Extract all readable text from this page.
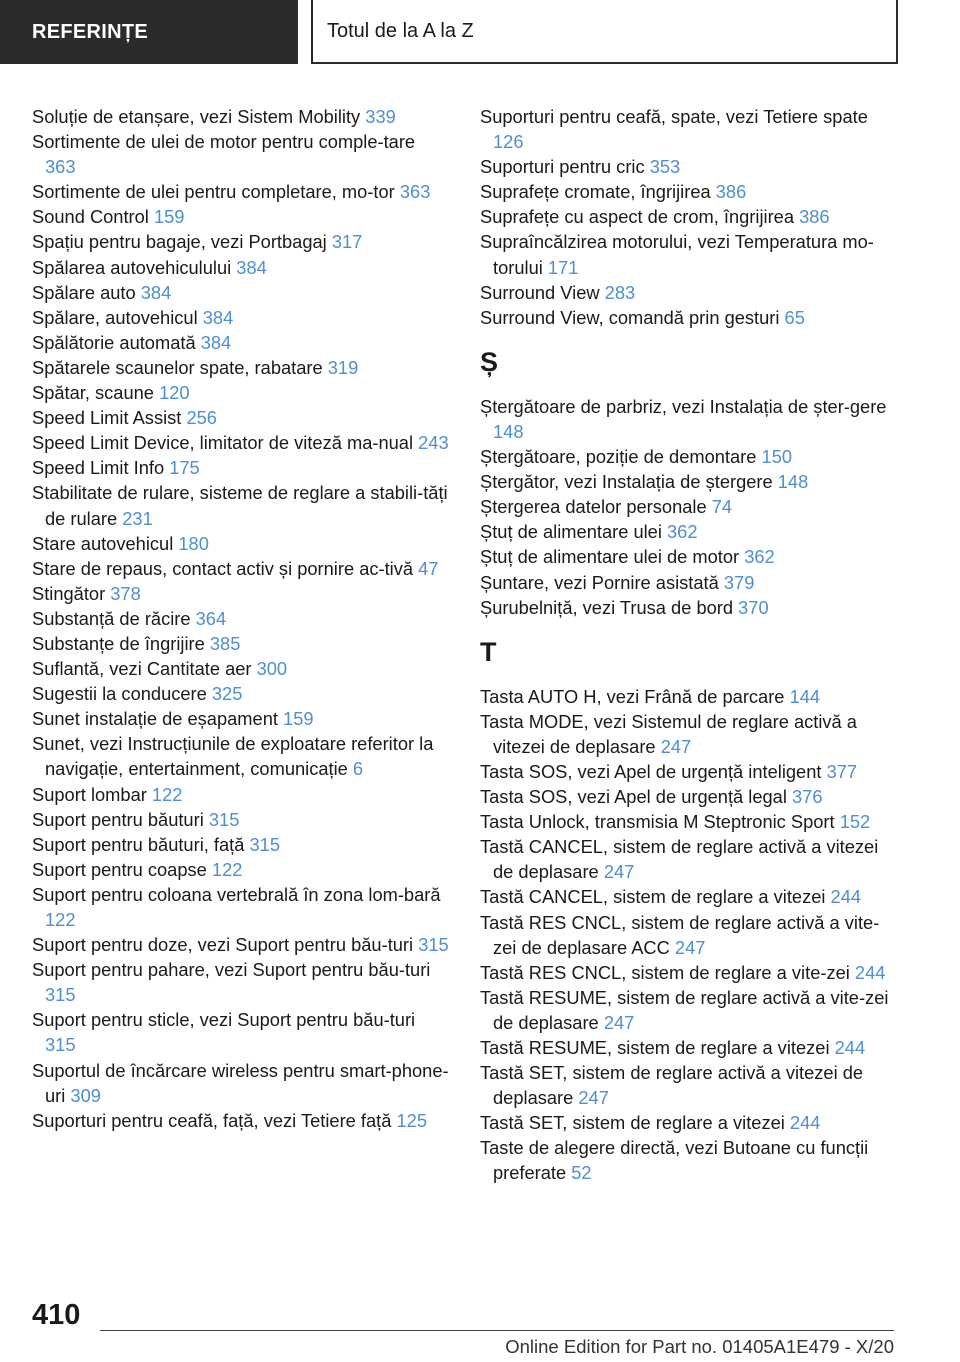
REFERINȚE	Totul de la A la Z
Soluție de etanșare, vezi Sistem Mobility 339
Sortimente de ulei de motor pentru comple-tare 363
Sortimente de ulei pentru completare, mo-tor 363
Sound Control 159
Spațiu pentru bagaje, vezi Portbagaj 317
Spălarea autovehiculului 384
Spălare auto 384
Spălare, autovehicul 384
Spălătorie automată 384
Spătarele scaunelor spate, rabatare 319
Spătar, scaune 120
Speed Limit Assist 256
Speed Limit Device, limitator de viteză ma-nual 243
Speed Limit Info 175
Stabilitate de rulare, sisteme de reglare a stabili-tăți de rulare 231
Stare autovehicul 180
Stare de repaus, contact activ și pornire ac-tivă 47
Stingător 378
Substanță de răcire 364
Substanțe de îngrijire 385
Suflantă, vezi Cantitate aer 300
Sugestii la conducere 325
Sunet instalație de eșapament 159
Sunet, vezi Instrucțiunile de exploatare referitor la navigație, entertainment, comunicație 6
Suport lombar 122
Suport pentru băuturi 315
Suport pentru băuturi, față 315
Suport pentru coapse 122
Suport pentru coloana vertebrală în zona lom-bară 122
Suport pentru doze, vezi Suport pentru bău-turi 315
Suport pentru pahare, vezi Suport pentru bău-turi 315
Suport pentru sticle, vezi Suport pentru bău-turi 315
Suportul de încărcare wireless pentru smart-phone-uri 309
Suporturi pentru ceafă, față, vezi Tetiere față 125
Suporturi pentru ceafă, spate, vezi Tetiere spate 126
Suporturi pentru cric 353
Suprafețe cromate, îngrijirea 386
Suprafețe cu aspect de crom, îngrijirea 386
Supraîncălzirea motorului, vezi Temperatura mo-torului 171
Surround View 283
Surround View, comandă prin gesturi 65
Ș
Ștergătoare de parbriz, vezi Instalația de șter-gere 148
Ștergătoare, poziție de demontare 150
Ștergător, vezi Instalația de ștergere 148
Ștergerea datelor personale 74
Ștuț de alimentare ulei 362
Ștuț de alimentare ulei de motor 362
Șuntare, vezi Pornire asistată 379
Șurubelniță, vezi Trusa de bord 370
T
Tasta AUTO H, vezi Frână de parcare 144
Tasta MODE, vezi Sistemul de reglare activă a vitezei de deplasare 247
Tasta SOS, vezi Apel de urgență inteligent 377
Tasta SOS, vezi Apel de urgență legal 376
Tasta Unlock, transmisia M Steptronic Sport 152
Tastă CANCEL, sistem de reglare activă a vitezei de deplasare 247
Tastă CANCEL, sistem de reglare a vitezei 244
Tastă RES CNCL, sistem de reglare activă a vite-zei de deplasare ACC 247
Tastă RES CNCL, sistem de reglare a vite-zei 244
Tastă RESUME, sistem de reglare activă a vite-zei de deplasare 247
Tastă RESUME, sistem de reglare a vitezei 244
Tastă SET, sistem de reglare activă a vitezei de deplasare 247
Tastă SET, sistem de reglare a vitezei 244
Taste de alegere directă, vezi Butoane cu funcții preferate 52
410
Online Edition for Part no. 01405A1E479 - X/20
